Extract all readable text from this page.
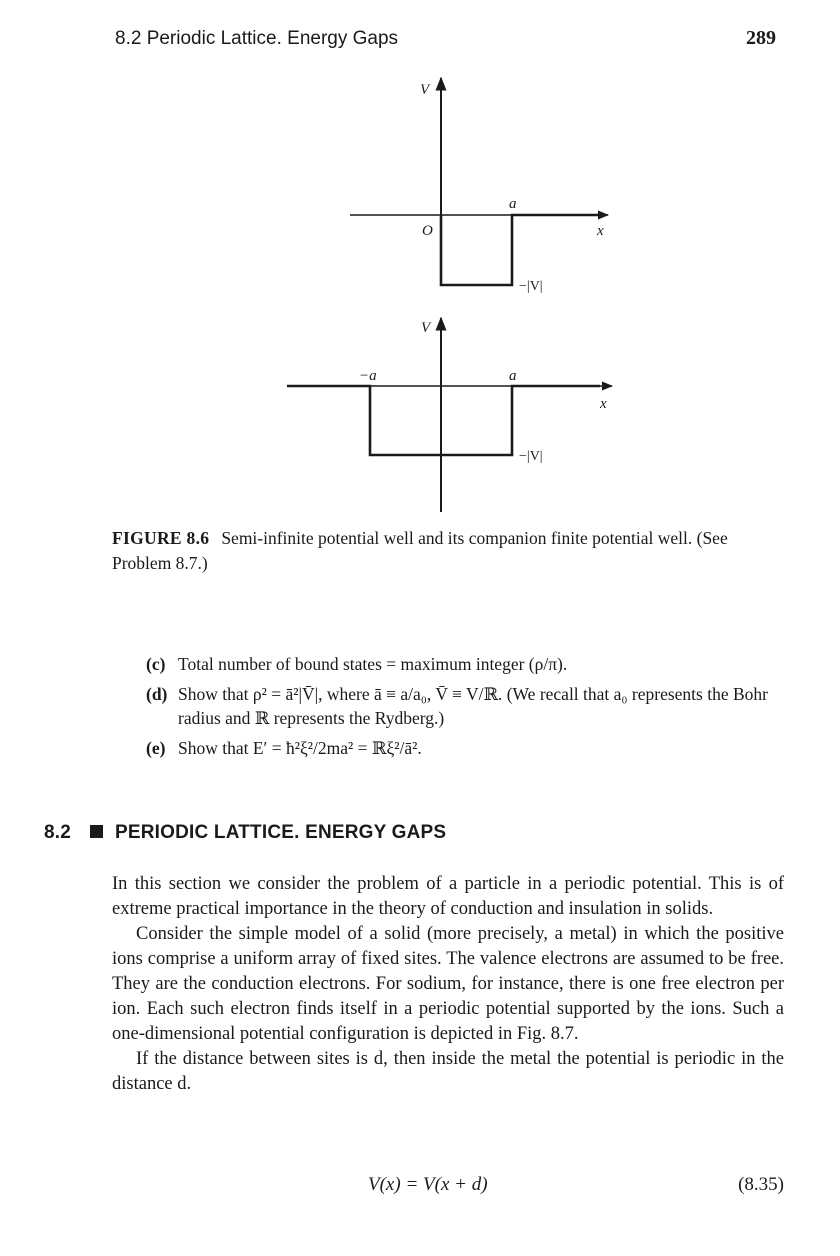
8.2 Periodic Lattice. Energy Gaps	289
V
O
a
x
−|V|
V
−a	a
x
−|V|
FIGURE 8.6 Semi-infinite potential well and its companion finite potential well. (See Problem 8.7.)
(c) Total number of bound states = maximum integer (ρ/π).
(d) Show that ρ² = ā²|V̄|, where ā ≡ a/a₀, V̄ ≡ V/ℝ. (We recall that a₀ represents the Bohr radius and ℝ represents the Rydberg.)
(e) Show that E′ = ħ²ξ²/2ma² = ℝξ²/ā².
8.2 PERIODIC LATTICE. ENERGY GAPS

In this section we consider the problem of a particle in a periodic potential. This is of extreme practical importance in the theory of conduction and insulation in solids.

Consider the simple model of a solid (more precisely, a metal) in which the positive ions comprise a uniform array of fixed sites. The valence electrons are assumed to be free. They are the conduction electrons. For sodium, for instance, there is one free electron per ion. Each such electron finds itself in a periodic potential supported by the ions. Such a one-dimensional potential configuration is depicted in Fig. 8.7.

If the distance between sites is d, then inside the metal the potential is periodic in the distance d.

V(x) = V(x + d)	(8.35)
